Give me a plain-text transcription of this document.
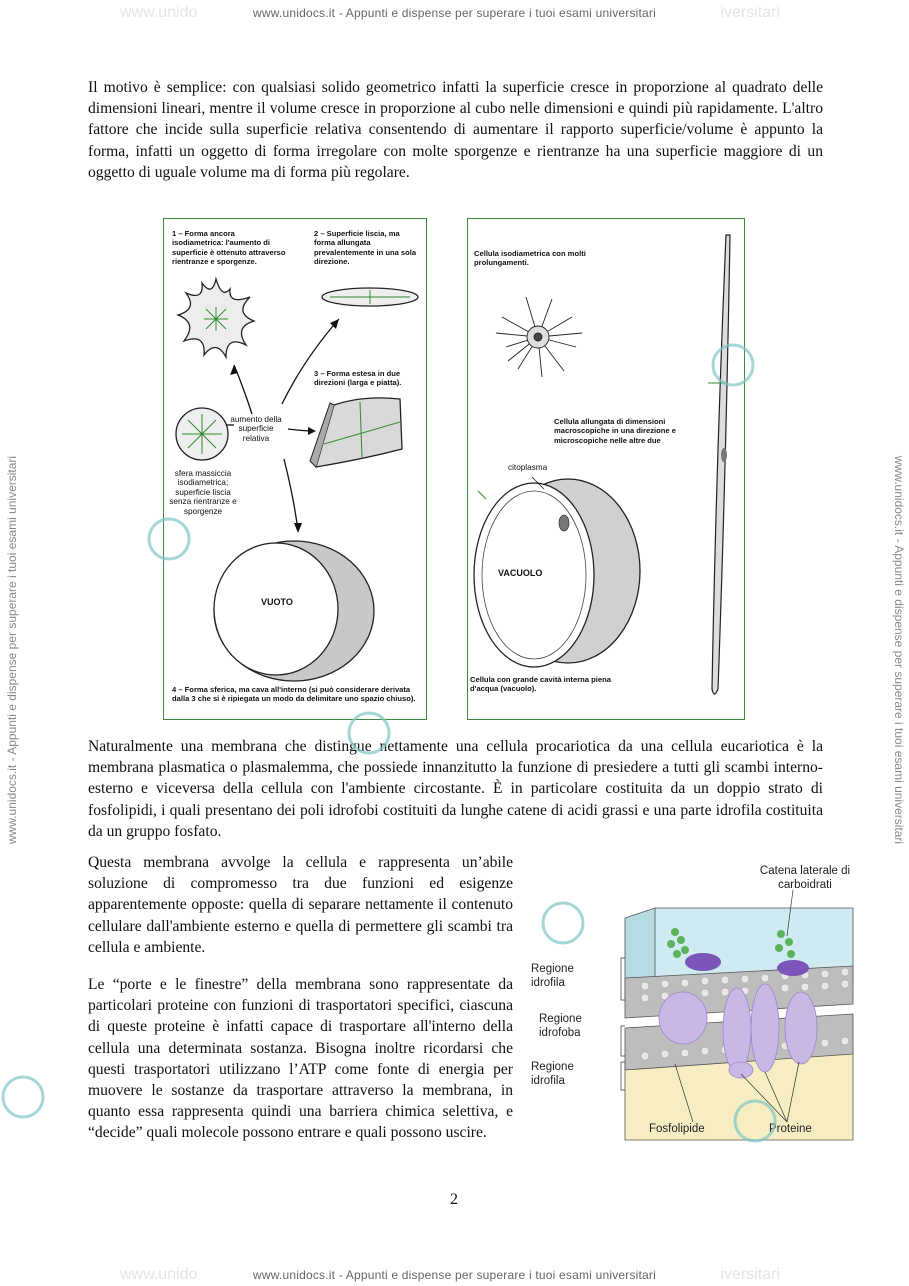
www.unido	iversitari
www.unidocs.it - Appunti e dispense per superare i tuoi esami universitari
www.unido	iversitari
www.unidocs.it - Appunti e dispense per superare i tuoi esami universitari
www.unidocs.it - Appunti e dispense per superare i tuoi esami universitari	www.unidocs.it - Appunti e dispense per superare i tuoi esami universitari

Il motivo è semplice: con qualsiasi solido geometrico infatti la superficie cresce in proporzione al quadrato delle dimensioni lineari, mentre il volume cresce in proporzione al cubo nelle dimensioni e quindi più rapidamente. L'altro fattore che incide sulla superficie relativa consentendo di aumentare il rapporto superficie/volume è appunto la forma, infatti un oggetto di forma irregolare con molte sporgenze e rientranze ha una superficie maggiore di un oggetto di uguale volume ma di forma più regolare.

1 – Forma ancora isodiametrica: l'aumento di superficie è ottenuto attraverso rientranze e sporgenze.

2 – Superficie liscia, ma forma allungata prevalentemente in una sola direzione.

3 – Forma estesa in due direzioni (larga e piatta).

aumento della superficie relativa

sfera massiccia isodiametrica; superficie liscia senza rientranze e sporgenze

VUOTO

4 – Forma sferica, ma cava all'interno (si può considerare derivata dalla 3 che si è ripiegata un modo da delimitare uno spazio chiuso).

Cellula isodiametrica con molti prolungamenti.

Cellula allungata di dimensioni macroscopiche in una direzione e microscopiche nelle altre due

citoplasma

VACUOLO

Cellula con grande cavità interna piena d'acqua (vacuolo).

Naturalmente una membrana che distingue nettamente una cellula procariotica da una cellula eucariotica è la membrana plasmatica o plasmalemma, che possiede innanzitutto la funzione di presiedere a tutti gli scambi interno-esterno e viceversa della cellula con l'ambiente circostante. È in particolare costituita da un doppio strato di fosfolipidi, i quali presentano dei poli idrofobi costituiti da lunghe catene di acidi grassi e una parte idrofila costituita da un gruppo fosfato.

Questa membrana avvolge la cellula e rappresenta un’abile soluzione di compromesso tra due funzioni ed esigenze apparentemente opposte: quella di separare nettamente il contenuto cellulare dall'ambiente esterno e quella di permettere gli scambi tra cellula e ambiente.

Le “porte e le finestre” della membrana sono rappresentate da particolari proteine con funzioni di trasportatori specifici, ciascuna di queste proteine è infatti capace di trasportare all'interno della cellula una determinata sostanza. Bisogna inoltre ricordarsi che questi trasportatori utilizzano l’ATP come fonte di energia per muovere le sostanze da trasportare attraverso la membrana, in quanto essa rappresenta quindi una barriera chimica selettiva, e “decide” quali molecole possono entrare e quali possono uscire.

Catena laterale di carboidrati

Regione idrofila

Regione idrofoba

Regione idrofila

Fosfolipide	Proteine

2
